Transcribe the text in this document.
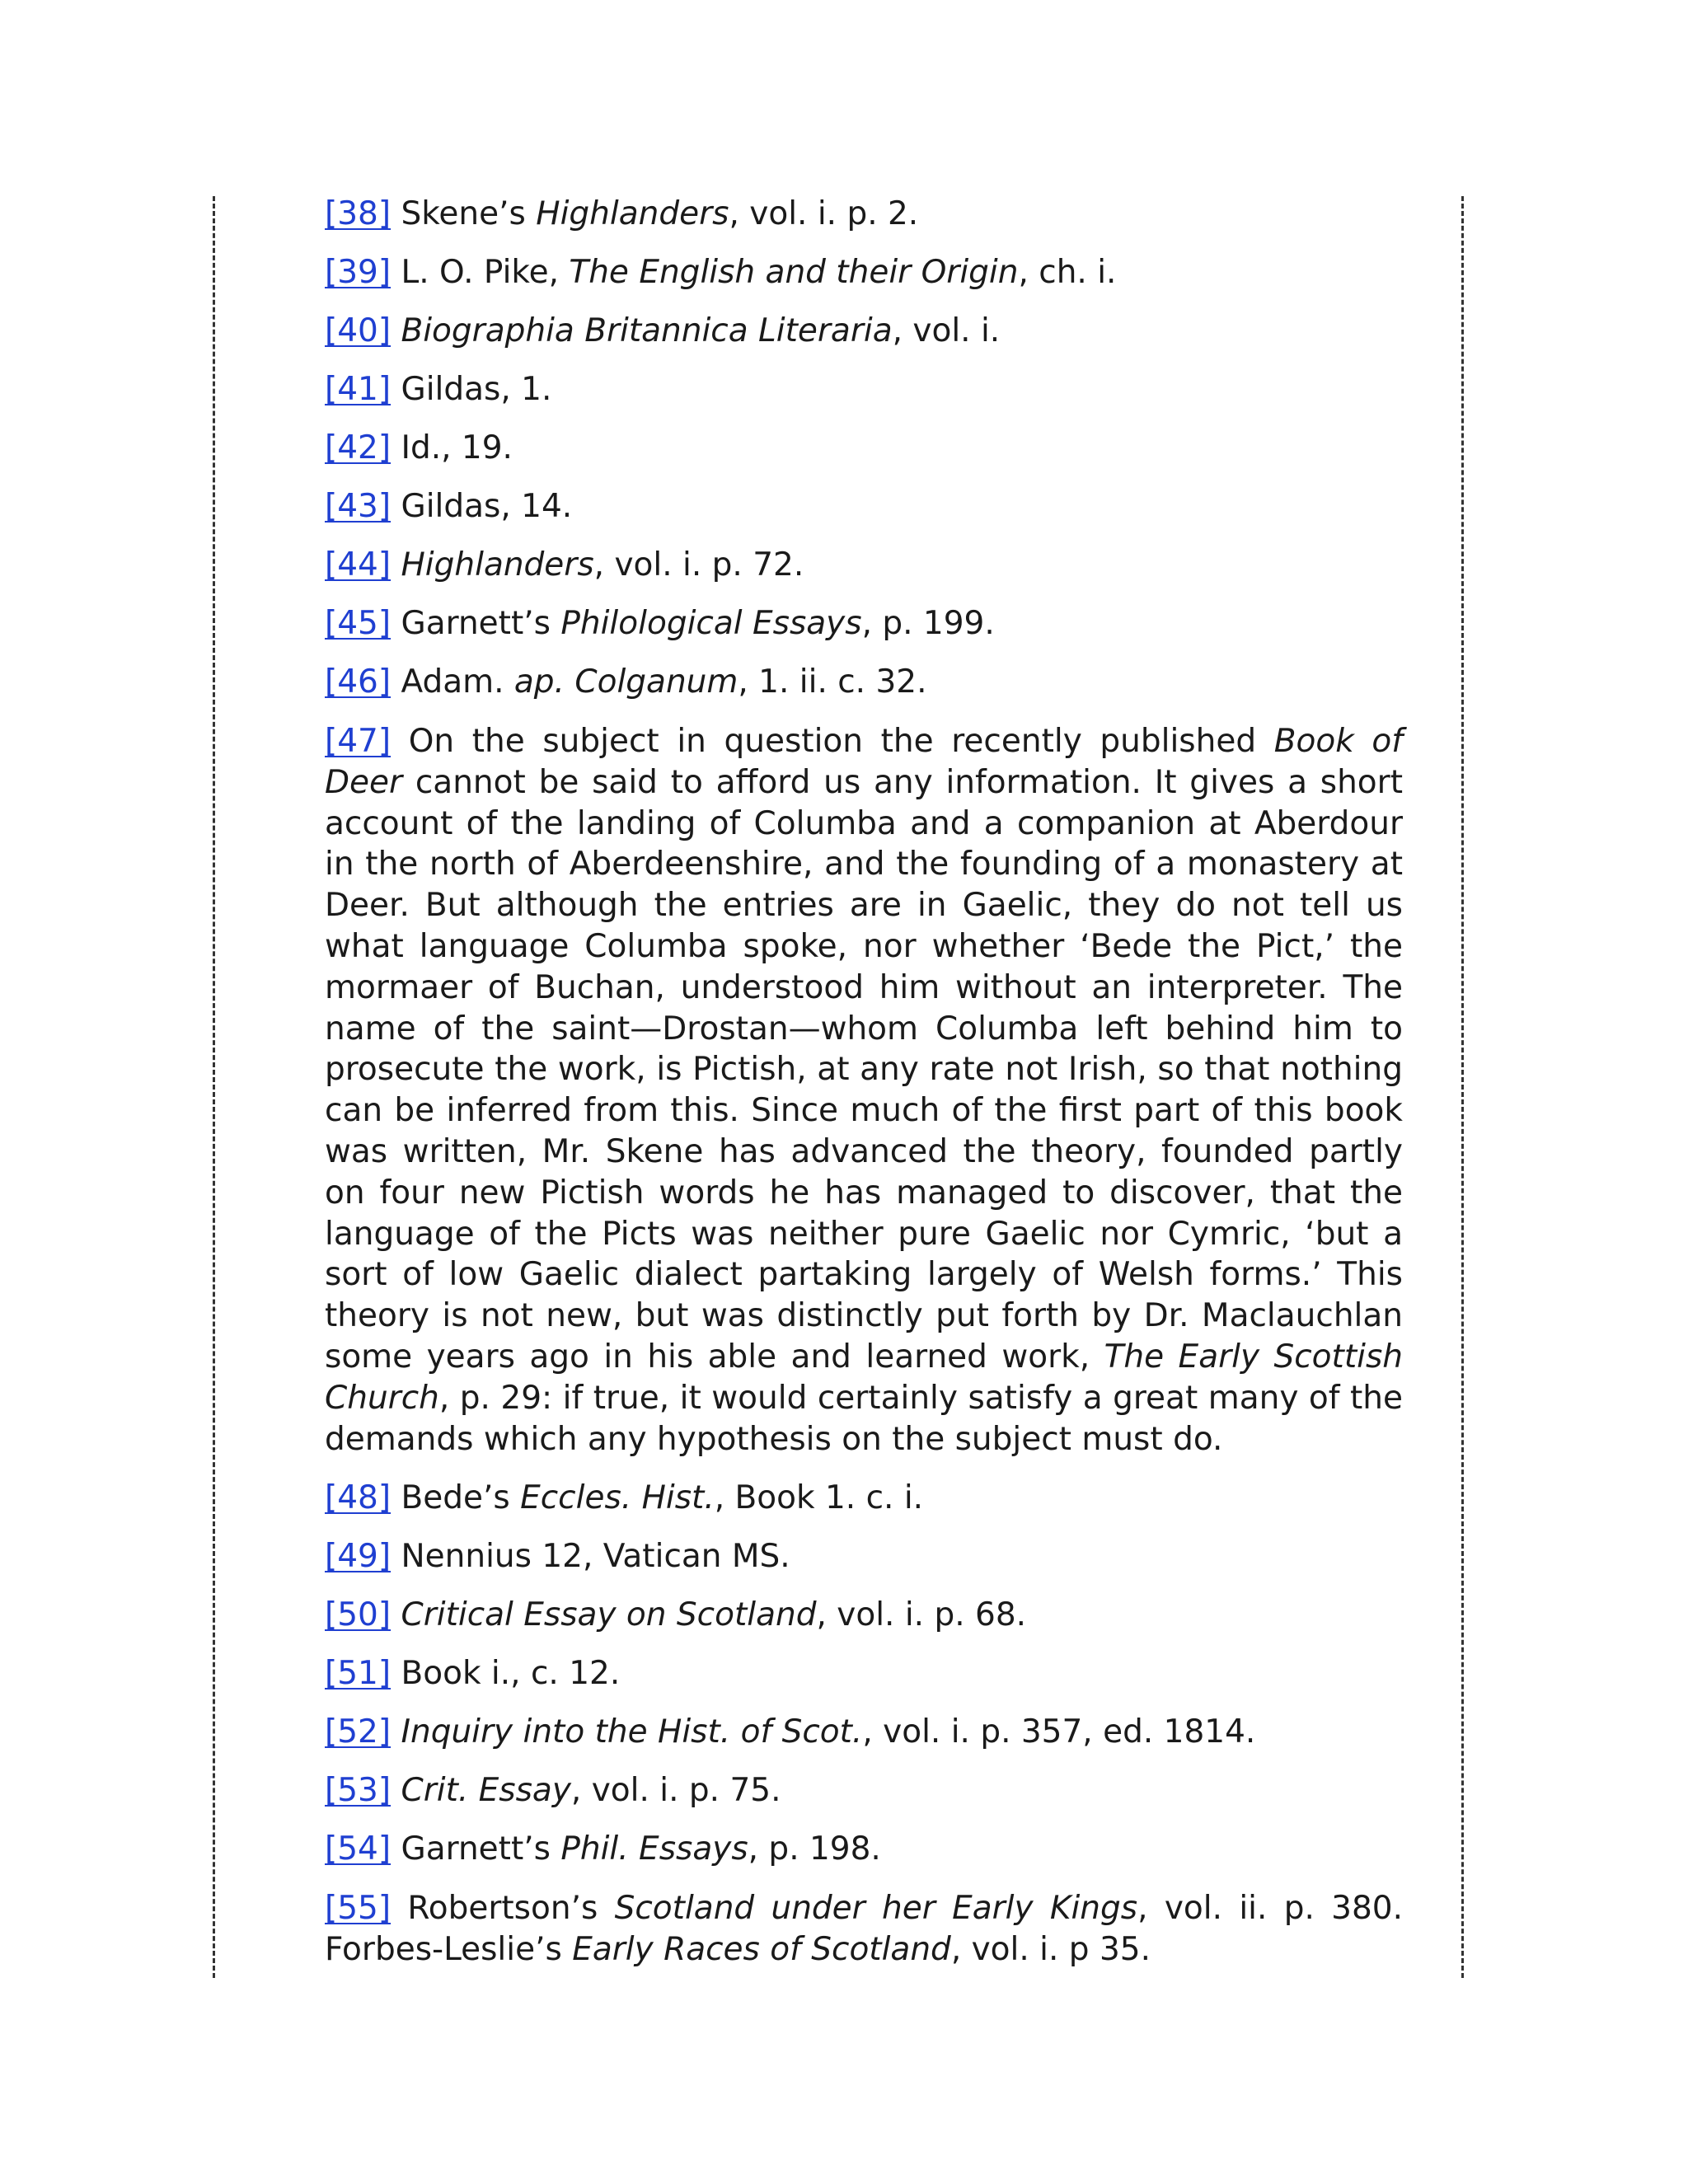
[38] Skene’s Highlanders, vol. i. p. 2.

[39] L. O. Pike, The English and their Origin, ch. i.

[40] Biographia Britannica Literaria, vol. i.

[41] Gildas, 1.

[42] Id., 19.

[43] Gildas, 14.

[44] Highlanders, vol. i. p. 72.

[45] Garnett’s Philological Essays, p. 199.

[46] Adam. ap. Colganum, 1. ii. c. 32.

[47] On the subject in question the recently published Book of Deer cannot be said to afford us any information. It gives a short account of the landing of Columba and a companion at Aberdour in the north of Aberdeenshire, and the founding of a monastery at Deer. But although the entries are in Gaelic, they do not tell us what language Columba spoke, nor whether ‘Bede the Pict,’ the mormaer of Buchan, understood him without an interpreter. The name of the saint—Drostan—whom Columba left behind him to prosecute the work, is Pictish, at any rate not Irish, so that nothing can be inferred from this. Since much of the first part of this book was written, Mr. Skene has advanced the theory, founded partly on four new Pictish words he has managed to discover, that the language of the Picts was neither pure Gaelic nor Cymric, ‘but a sort of low Gaelic dialect partaking largely of Welsh forms.’ This theory is not new, but was distinctly put forth by Dr. Maclauchlan some years ago in his able and learned work, The Early Scottish Church, p. 29: if true, it would certainly satisfy a great many of the demands which any hypothesis on the subject must do.

[48] Bede’s Eccles. Hist., Book 1. c. i.

[49] Nennius 12, Vatican MS.

[50] Critical Essay on Scotland, vol. i. p. 68.

[51] Book i., c. 12.

[52] Inquiry into the Hist. of Scot., vol. i. p. 357, ed. 1814.

[53] Crit. Essay, vol. i. p. 75.

[54] Garnett’s Phil. Essays, p. 198.

[55] Robertson’s Scotland under her Early Kings, vol. ii. p. 380. Forbes-Leslie’s Early Races of Scotland, vol. i. p 35.
